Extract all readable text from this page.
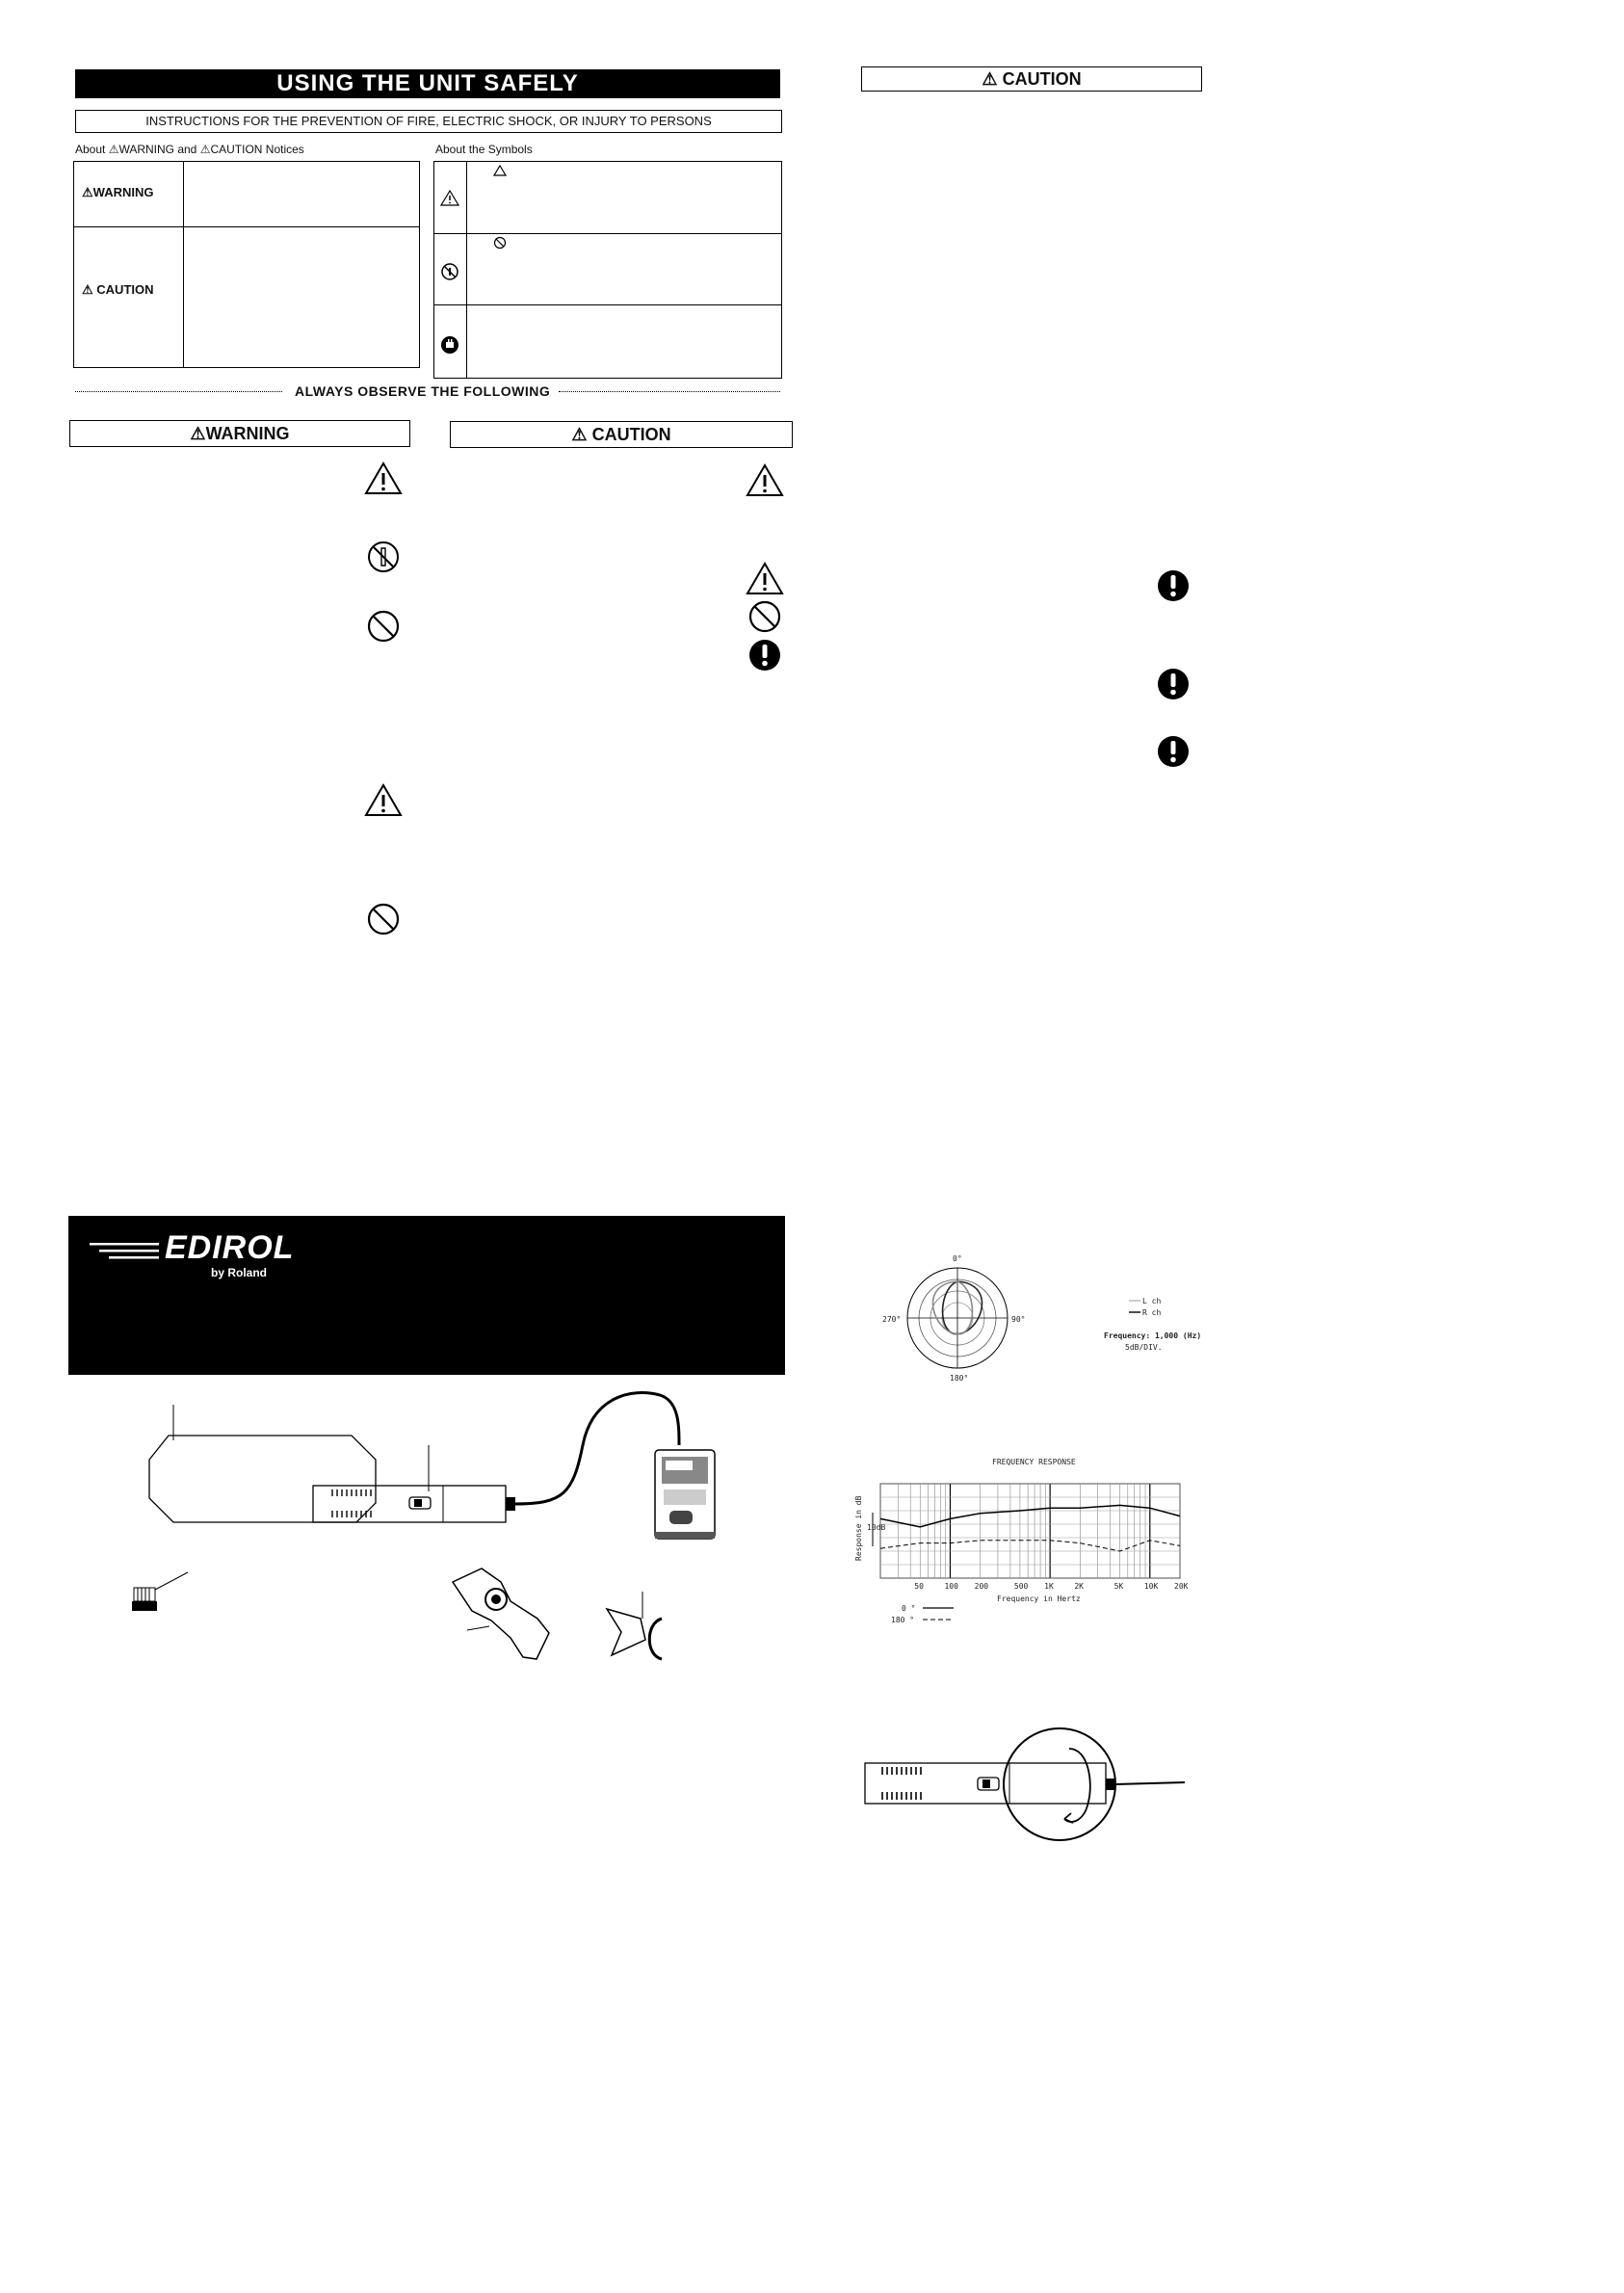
USING THE UNIT SAFELY
INSTRUCTIONS FOR THE PREVENTION OF FIRE, ELECTRIC SHOCK, OR INJURY TO PERSONS
About ⚠WARNING and ⚠CAUTION Notices	About the Symbols
⚠WARNING
⚠ CAUTION
ALWAYS OBSERVE THE FOLLOWING
⚠WARNING	⚠ CAUTION
⚠ CAUTION
EDIROL
by Roland
0°
90°
180°
270°
L ch
R ch
Frequency: 1,000 (Hz)
5dB/DIV.
FREQUENCY RESPONSE
Response in dB 10dB
50	100 200	500 1K	2K	5K	10K 20K
Frequency in Hertz
0 °
180 °
